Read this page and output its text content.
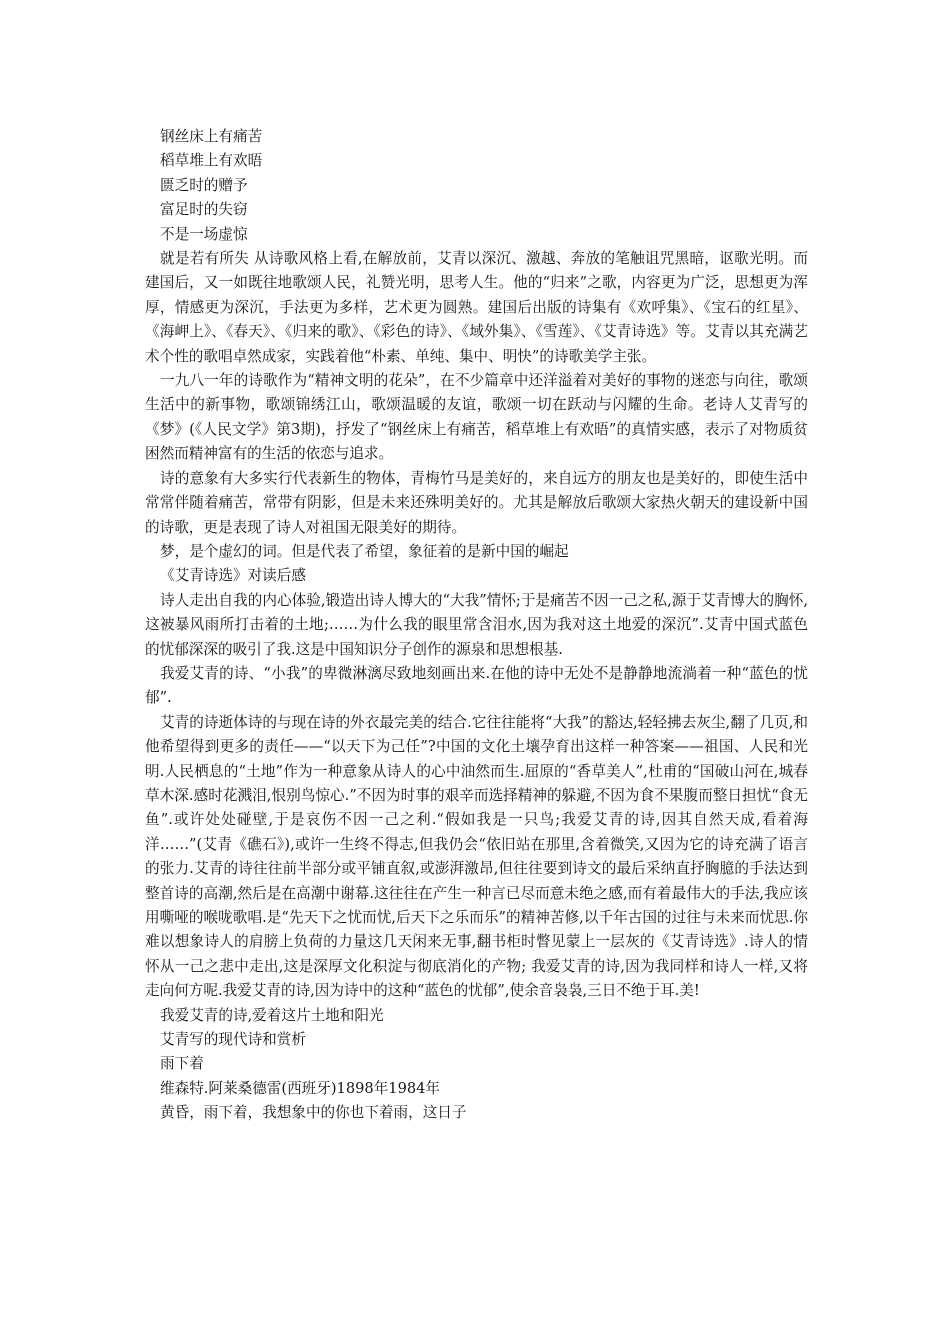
钢丝床上有痛苦

稻草堆上有欢晤

匮乏时的赠予

富足时的失窃

不是一场虚惊

就是若有所失 从诗歌风格上看,在解放前，艾青以深沉、激越、奔放的笔触诅咒黑暗，讴歌光明。而建国后，又一如既往地歌颂人民，礼赞光明，思考人生。他的“归来”之歌，内容更为广泛，思想更为浑厚，情感更为深沉，手法更为多样，艺术更为圆熟。建国后出版的诗集有《欢呼集》、《宝石的红星》、《海岬上》、《春天》、《归来的歌》、《彩色的诗》、《域外集》、《雪莲》、《艾青诗选》等。艾青以其充满艺术个性的歌唱卓然成家，实践着他“朴素、单纯、集中、明快”的诗歌美学主张。

一九八一年的诗歌作为“精神文明的花朵”，在不少篇章中还洋溢着对美好的事物的迷恋与向往，歌颂生活中的新事物，歌颂锦绣江山，歌颂温暖的友谊，歌颂一切在跃动与闪耀的生命。老诗人艾青写的《梦》(《人民文学》第3期)，抒发了“钢丝床上有痛苦，稻草堆上有欢晤”的真情实感，表示了对物质贫困然而精神富有的生活的依恋与追求。

诗的意象有大多实行代表新生的物体，青梅竹马是美好的，来自远方的朋友也是美好的，即使生活中常常伴随着痛苦，常带有阴影，但是未来还殊明美好的。尤其是解放后歌颂大家热火朝天的建设新中国的诗歌，更是表现了诗人对祖国无限美好的期待。

梦，是个虚幻的词。但是代表了希望，象征着的是新中国的崛起

《艾青诗选》对读后感

诗人走出自我的内心体验,锻造出诗人博大的“大我”情怀;于是痛苦不因一己之私,源于艾青博大的胸怀,这被暴风雨所打击着的土地;……为什么我的眼里常含泪水,因为我对这土地爱的深沉”.艾青中国式蓝色的忧郁深深的吸引了我.这是中国知识分子创作的源泉和思想根基.

我爱艾青的诗、“小我”的卑微淋漓尽致地刻画出来.在他的诗中无处不是静静地流淌着一种“蓝色的忧郁”.

艾青的诗逝体诗的与现在诗的外衣最完美的结合.它往往能将“大我”的豁达,轻轻拂去灰尘,翻了几页,和他希望得到更多的责任——“以天下为己任”?中国的文化土壤孕育出这样一种答案——祖国、人民和光明.人民栖息的“土地”作为一种意象从诗人的心中油然而生.屈原的“香草美人”,杜甫的“国破山河在,城春草木深.感时花溅泪,恨别鸟惊心.”不因为时事的艰辛而选择精神的躲避,不因为食不果腹而整日担忧“食无鱼”.或许处处碰壁,于是哀伤不因一己之利.“假如我是一只鸟;我爱艾青的诗,因其自然天成,看着海洋……”(艾青《礁石》),或许一生终不得志,但我仍会“依旧站在那里,含着微笑,又因为它的诗充满了语言的张力.艾青的诗往往前半部分或平铺直叙,或澎湃激昂,但往往要到诗文的最后采纳直抒胸臆的手法达到整首诗的高潮,然后是在高潮中谢幕.这往往在产生一种言已尽而意未绝之感,而有着最伟大的手法,我应该用嘶哑的喉咙歌唱.是“先天下之忧而忧,后天下之乐而乐”的精神苦修,以千年古国的过往与未来而忧思.你难以想象诗人的肩膀上负荷的力量这几天闲来无事,翻书柜时瞥见蒙上一层灰的《艾青诗选》.诗人的情怀从一己之悲中走出,这是深厚文化积淀与彻底消化的产物; 我爱艾青的诗,因为我同样和诗人一样,又将走向何方呢.我爱艾青的诗,因为诗中的这种“蓝色的忧郁”,使余音袅袅,三日不绝于耳.美!

我爱艾青的诗,爱着这片土地和阳光

艾青写的现代诗和赏析

雨下着

维森特.阿莱桑德雷(西班牙)1898年1984年

黄昏，雨下着，我想象中的你也下着雨，这日子
